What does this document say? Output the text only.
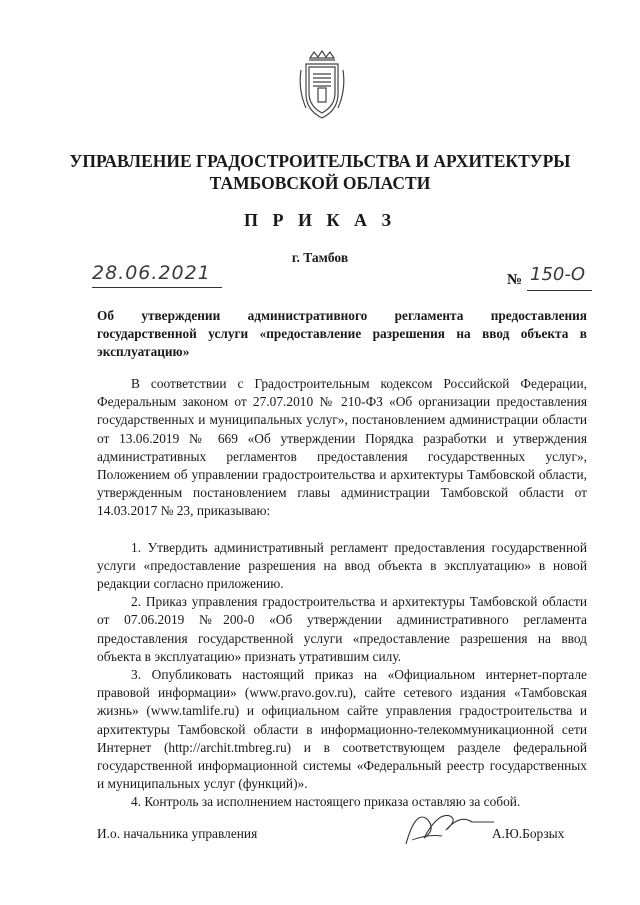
УПРАВЛЕНИЕ ГРАДОСТРОИТЕЛЬСТВА И АРХИТЕКТУРЫ
ТАМБОВСКОЙ ОБЛАСТИ
П Р И К А З
г. Тамбов
28.06.2021	№ 150-О
Об утверждении административного регламента предоставления государственной услуги «предоставление разрешения на ввод объекта в эксплуатацию»

В соответствии с Градостроительным кодексом Российской Федерации, Федеральным законом от 27.07.2010 № 210-ФЗ «Об организации предоставления государственных и муниципальных услуг», постановлением администрации области от 13.06.2019 № 669 «Об утверждении Порядка разработки и утверждения административных регламентов предоставления государственных услуг», Положением об управлении градостроительства и архитектуры Тамбовской области, утвержденным постановлением главы администрации Тамбовской области от 14.03.2017 № 23, приказываю:

1. Утвердить административный регламент предоставления государственной услуги «предоставление разрешения на ввод объекта в эксплуатацию» в новой редакции согласно приложению.

2. Приказ управления градостроительства и архитектуры Тамбовской области от 07.06.2019 №200-0 «Об утверждении административного регламента предоставления государственной услуги «предоставление разрешения на ввод объекта в эксплуатацию» признать утратившим силу.

3. Опубликовать настоящий приказ на «Официальном интернет-портале правовой информации» (www.pravo.gov.ru), сайте сетевого издания «Тамбовская жизнь» (www.tamlife.ru) и официальном сайте управления градостроительства и архитектуры Тамбовской области в информационно-телекоммуникационной сети Интернет (http://archit.tmbreg.ru) и в соответствующем разделе федеральной государственной информационной системы «Федеральный реестр государственных и муниципальных услуг (функций)».

4. Контроль за исполнением настоящего приказа оставляю за собой.

И.о. начальника управления	А.Ю.Борзых
